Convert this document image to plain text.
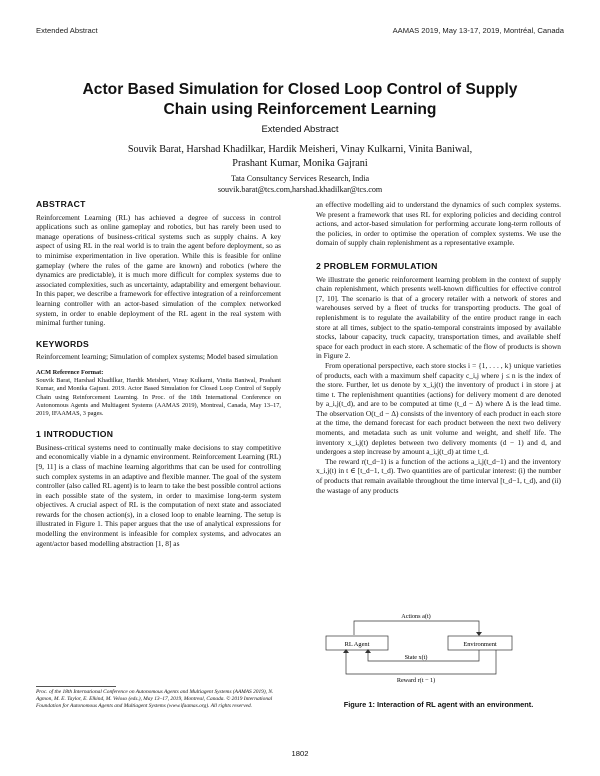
Extended Abstract	AAMAS 2019, May 13-17, 2019, Montréal, Canada
Actor Based Simulation for Closed Loop Control of Supply
Chain using Reinforcement Learning
Extended Abstract
Souvik Barat, Harshad Khadilkar, Hardik Meisheri, Vinay Kulkarni, Vinita Baniwal,
Prashant Kumar, Monika Gajrani
Tata Consultancy Services Research, India
souvik.barat@tcs.com,harshad.khadilkar@tcs.com
ABSTRACT

Reinforcement Learning (RL) has achieved a degree of success in control applications such as online gameplay and robotics, but has rarely been used to manage operations of business-critical systems such as supply chains. A key aspect of using RL in the real world is to train the agent before deployment, so as to minimise experimentation in live operation. While this is feasible for online gameplay (where the rules of the game are known) and robotics (where the dynamics are predictable), it is much more difficult for complex systems due to associated complexities, such as uncertainty, adaptability and emergent behaviour. In this paper, we describe a framework for effective integration of a reinforcement learning controller with an actor-based simulation of the complex networked system, in order to enable deployment of the RL agent in the real system with minimal further tuning.

KEYWORDS

Reinforcement learning; Simulation of complex systems; Model based simulation

ACM Reference Format:

Souvik Barat, Harshad Khadilkar, Hardik Meisheri, Vinay Kulkarni, Vinita Baniwal, Prashant Kumar, and Monika Gajrani. 2019. Actor Based Simulation for Closed Loop Control of Supply Chain using Reinforcement Learning. In Proc. of the 18th International Conference on Autonomous Agents and Multiagent Systems (AAMAS 2019), Montreal, Canada, May 13–17, 2019, IFAAMAS, 3 pages.

1 INTRODUCTION

Business-critical systems need to continually make decisions to stay competitive and economically viable in a dynamic environment. Reinforcement Learning (RL) [9, 11] is a class of machine learning algorithms that can be used for controlling such complex systems in an adaptive and flexible manner. The goal of the system controller (also called RL agent) is to learn to take the best possible control actions in each possible state of the system, in order to maximise long-term system objectives. A crucial aspect of RL is the computation of next state and associated rewards for the chosen action(s), in a closed loop to enable learning. The setup is illustrated in Figure 1. This paper argues that the use of analytical expressions for modelling the environment is infeasible for complex systems, and advocates an agent/actor based modelling abstraction [1, 8] as

Proc. of the 18th International Conference on Autonomous Agents and Multiagent Systems (AAMAS 2019), N. Agmon, M. E. Taylor, E. Elkind, M. Veloso (eds.), May 13–17, 2019, Montreal, Canada. © 2019 International Foundation for Autonomous Agents and Multiagent Systems (www.ifaamas.org). All rights reserved.

an effective modelling aid to understand the dynamics of such complex systems. We present a framework that uses RL for exploring policies and deciding control actions, and actor-based simulation for performing accurate long-term rollouts of the policies, in order to optimise the operation of complex systems. We use the domain of supply chain replenishment as a representative example.

2 PROBLEM FORMULATION

We illustrate the generic reinforcement learning problem in the context of supply chain replenishment, which presents well-known difficulties for effective control [7, 10]. The scenario is that of a grocery retailer with a network of stores and warehouses served by a fleet of trucks for transporting products. The goal of replenishment is to regulate the availability of the entire product range in each store at all times, subject to the spatio-temporal constraints imposed by available stocks, labour capacity, truck capacity, transportation times, and available shelf space for each product in each store. A schematic of the flow of products is shown in Figure 2.

From operational perspective, each store stocks i = {1, . . . , k} unique varieties of products, each with a maximum shelf capacity c_i,j where j ≤ n is the index of the store. Further, let us denote by x_i,j(t) the inventory of product i in store j at time t. The replenishment quantities (actions) for delivery moment d are denoted by a_i,j(t_d), and are to be computed at time (t_d − Δ) where Δ is the lead time. The observation O(t_d − Δ) consists of the inventory of each product in each store at the time, the demand forecast for each product between the next two delivery moments, and metadata such as unit volume and weight, and shelf life. The inventory x_i,j(t) depletes between two delivery moments (d − 1) and d, and undergoes a step increase by amount a_i,j(t_d) at time t_d.

The reward r(t_d−1) is a function of the actions a_i,j(t_d−1) and the inventory x_i,j(t) in t ∈ [t_d−1, t_d). Two quantities are of particular interest: (i) the number of products that remain available throughout the time interval [t_d−1, t_d), and (ii) the wastage of any products

Actions a(t)
RL Agent	Environment
State x(t)
Reward r(t − 1)
Figure 1: Interaction of RL agent with an environment.
1802
